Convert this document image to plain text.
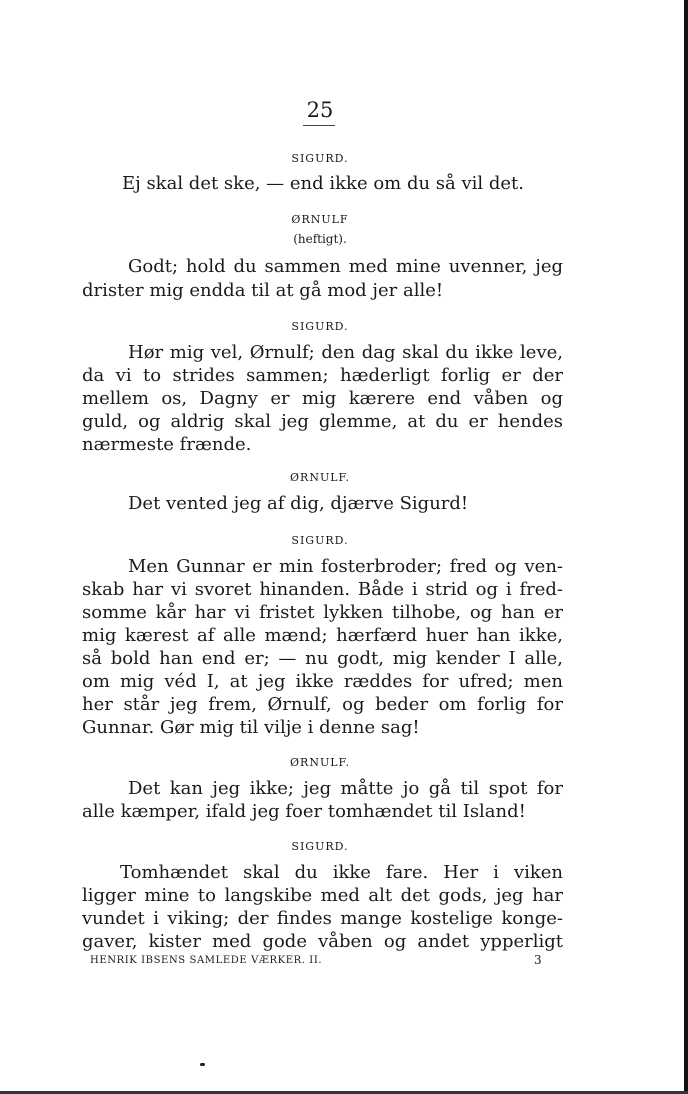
25
SIGURD.
Ej skal det ske, — end ikke om du så vil det.
ØRNULF
(heftigt).
Godt; hold du sammen med mine uvenner, jeg
drister mig endda til at gå mod jer alle!
SIGURD.
Hør mig vel, Ørnulf; den dag skal du ikke leve,
da vi to strides sammen; hæderligt forlig er der
mellem os, Dagny er mig kærere end våben og
guld, og aldrig skal jeg glemme, at du er hendes
nærmeste frænde.
ØRNULF.
Det vented jeg af dig, djærve Sigurd!
SIGURD.
Men Gunnar er min fosterbroder; fred og ven-
skab har vi svoret hinanden. Både i strid og i fred-
somme kår har vi fristet lykken tilhobe, og han er
mig kærest af alle mænd; hærfærd huer han ikke,
så bold han end er; — nu godt, mig kender I alle,
om mig véd I, at jeg ikke ræddes for ufred; men
her står jeg frem, Ørnulf, og beder om forlig for
Gunnar. Gør mig til vilje i denne sag!
ØRNULF.
Det kan jeg ikke; jeg måtte jo gå til spot for
alle kæmper, ifald jeg foer tomhændet til Island!
SIGURD.
Tomhændet skal du ikke fare. Her i viken
ligger mine to langskibe med alt det gods, jeg har
vundet i viking; der findes mange kostelige konge-
gaver, kister med gode våben og andet ypperligt
HENRIK IBSENS SAMLEDE VÆRKER. II.	3
